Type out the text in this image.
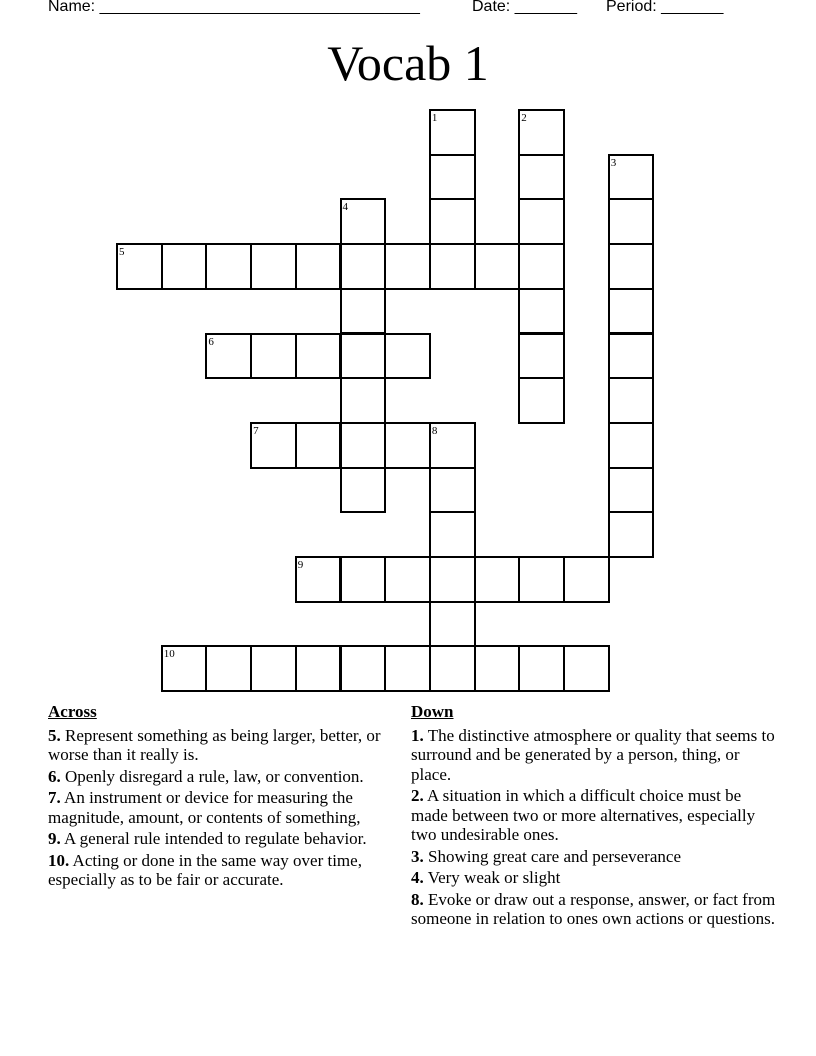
Name: ____________________________________

	Date: _______

Period: _______

Vocab 1
1	2
3
4
5
6
7	8
9
10
Across
5. Represent something as being larger, better, or worse than it really is.
6. Openly disregard a rule, law, or convention.
7. An instrument or device for measuring the magnitude, amount, or contents of something,
9. A general rule intended to regulate behavior.
10. Acting or done in the same way over time, especially as to be fair or accurate.
Down
1. The distinctive atmosphere or quality that seems to surround and be generated by a person, thing, or place.
2. A situation in which a difficult choice must be made between two or more alternatives, especially two undesirable ones.
3. Showing great care and perseverance
4. Very weak or slight
8. Evoke or draw out a response, answer, or fact from someone in relation to ones own actions or questions.
